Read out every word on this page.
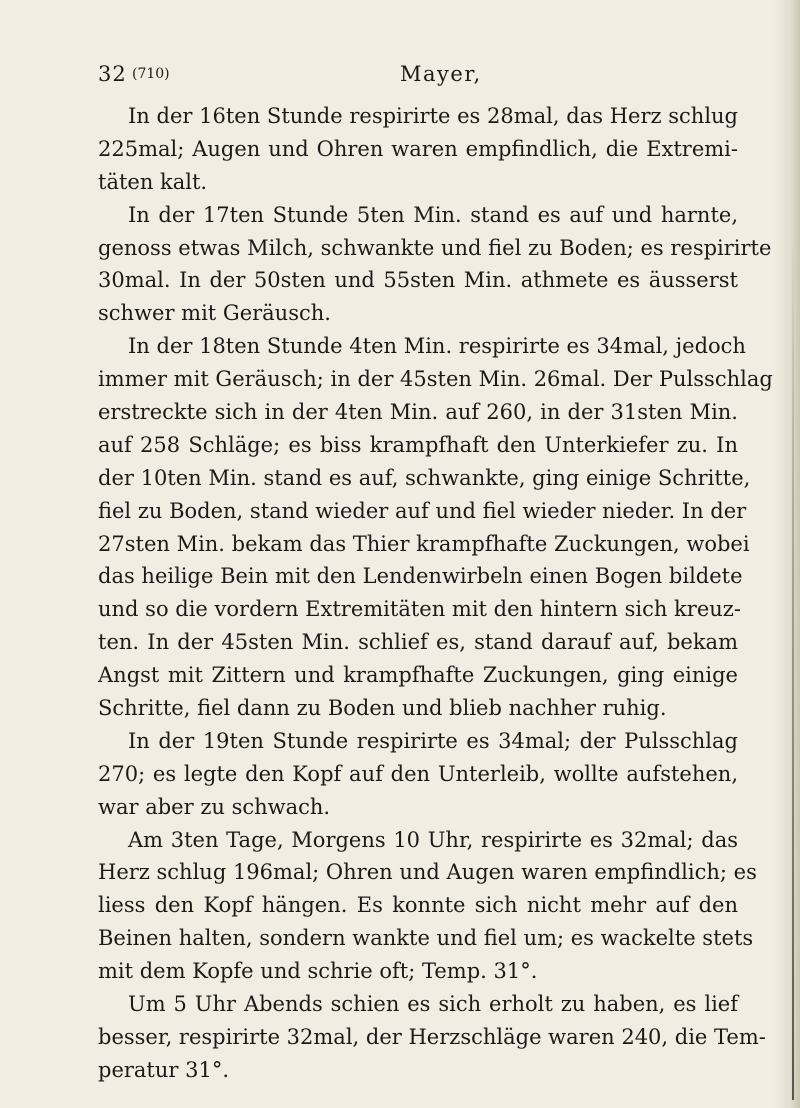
32 (710)	Mayer,
In der 16ten Stunde respirirte es 28mal, das Herz schlug
225mal; Augen und Ohren waren empfindlich, die Extremi-
täten kalt.
In der 17ten Stunde 5ten Min. stand es auf und harnte,
genoss etwas Milch, schwankte und fiel zu Boden; es respirirte
30mal. In der 50sten und 55sten Min. athmete es äusserst
schwer mit Geräusch.
In der 18ten Stunde 4ten Min. respirirte es 34mal, jedoch
immer mit Geräusch; in der 45sten Min. 26mal. Der Pulsschlag
erstreckte sich in der 4ten Min. auf 260, in der 31sten Min.
auf 258 Schläge; es biss krampfhaft den Unterkiefer zu. In
der 10ten Min. stand es auf, schwankte, ging einige Schritte,
fiel zu Boden, stand wieder auf und fiel wieder nieder. In der
27sten Min. bekam das Thier krampfhafte Zuckungen, wobei
das heilige Bein mit den Lendenwirbeln einen Bogen bildete
und so die vordern Extremitäten mit den hintern sich kreuz-
ten. In der 45sten Min. schlief es, stand darauf auf, bekam
Angst mit Zittern und krampfhafte Zuckungen, ging einige
Schritte, fiel dann zu Boden und blieb nachher ruhig.
In der 19ten Stunde respirirte es 34mal; der Pulsschlag
270; es legte den Kopf auf den Unterleib, wollte aufstehen,
war aber zu schwach.
Am 3ten Tage, Morgens 10 Uhr, respirirte es 32mal; das
Herz schlug 196mal; Ohren und Augen waren empfindlich; es
liess den Kopf hängen. Es konnte sich nicht mehr auf den
Beinen halten, sondern wankte und fiel um; es wackelte stets
mit dem Kopfe und schrie oft; Temp. 31°.
Um 5 Uhr Abends schien es sich erholt zu haben, es lief
besser, respirirte 32mal, der Herzschläge waren 240, die Tem-
peratur 31°.
